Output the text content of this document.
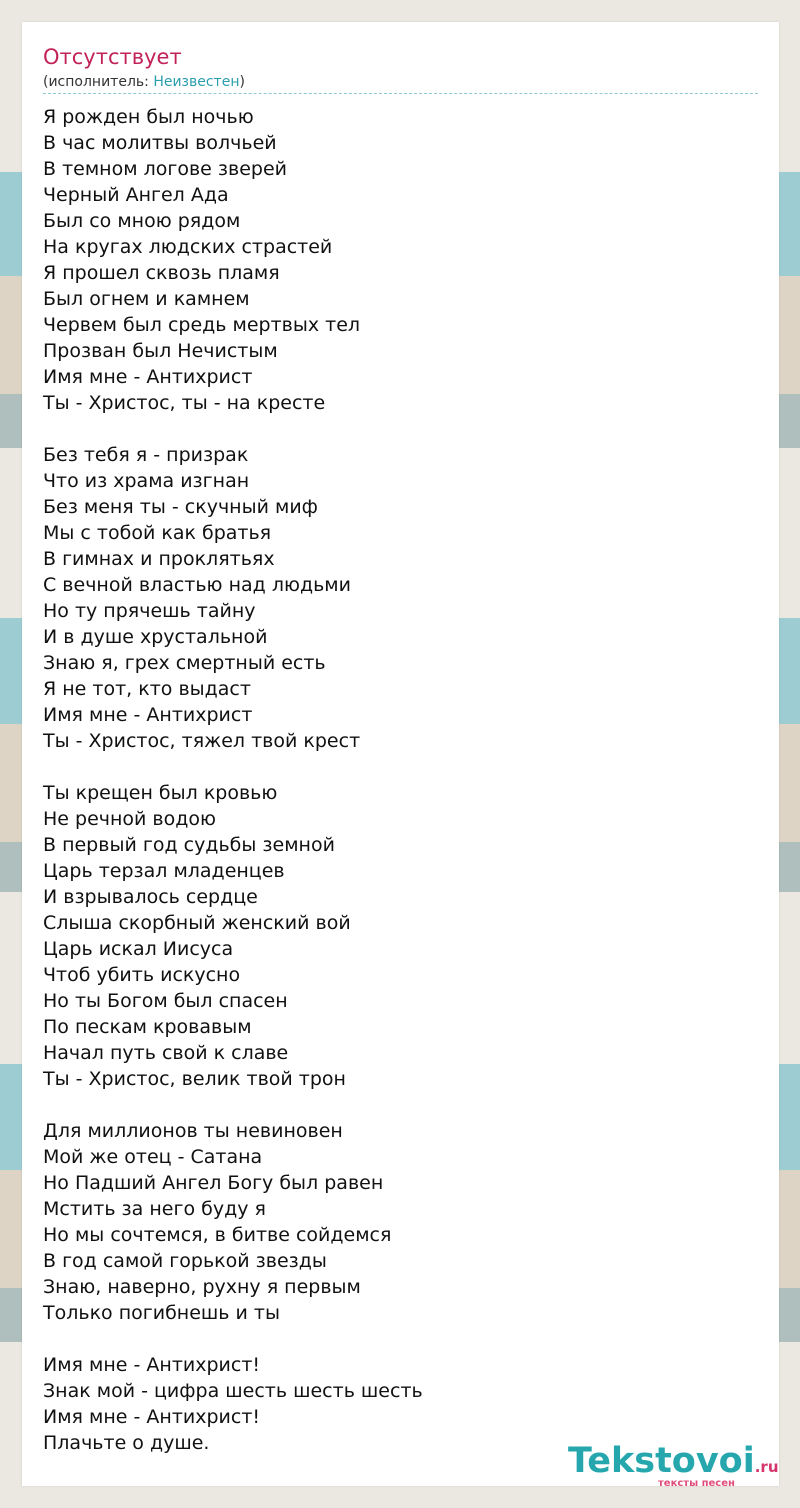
Отсутствует
(исполнитель: Неизвестен)
Я рожден был ночью
В час молитвы волчьей
В темном логове зверей
Черный Ангел Ада
Был со мною рядом
На кругах людских страстей
Я прошел сквозь пламя
Был огнем и камнем
Червем был средь мертвых тел
Прозван был Нечистым
Имя мне - Антихрист
Ты - Христос, ты - на кресте
Без тебя я - призрак
Что из храма изгнан
Без меня ты - скучный миф
Мы с тобой как братья
В гимнах и проклятьях
С вечной властью над людьми
Но ту прячешь тайну
И в душе хрустальной
Знаю я, грех смертный есть
Я не тот, кто выдаст
Имя мне - Антихрист
Ты - Христос, тяжел твой крест
Ты крещен был кровью
Не речной водою
В первый год судьбы земной
Царь терзал младенцев
И взрывалось сердце
Слыша скорбный женский вой
Царь искал Иисуса
Чтоб убить искусно
Но ты Богом был спасен
По пескам кровавым
Начал путь свой к славе
Ты - Христос, велик твой трон
Для миллионов ты невиновен
Мой же отец - Сатана
Но Падший Ангел Богу был равен
Мстить за него буду я
Но мы сочтемся, в битве сойдемся
В год самой горькой звезды
Знаю, наверно, рухну я первым
Только погибнешь и ты
Имя мне - Антихрист!
Знак мой - цифра шесть шесть шесть
Имя мне - Антихрист!
Плачьте о душе.	Tekstovoi.ru
тексты песен
